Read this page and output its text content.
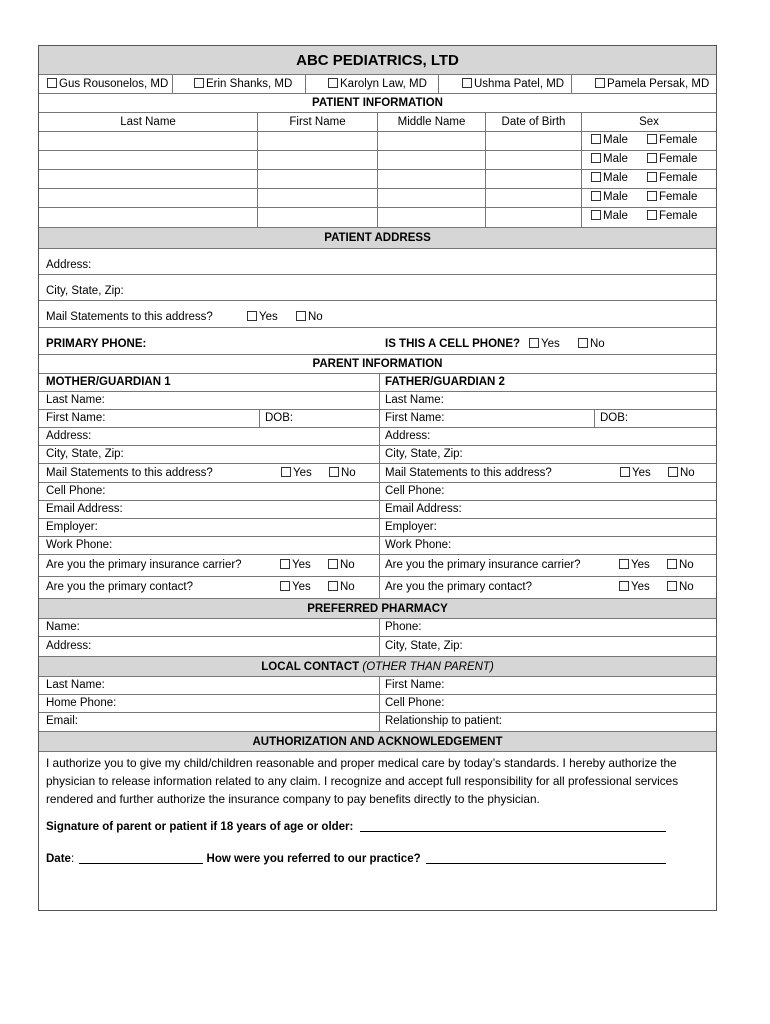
ABC PEDIATRICS, LTD
Gus Rousonelos, MD	Erin Shanks, MD	Karolyn Law, MD	Ushma Patel, MD	Pamela Persak, MD
PATIENT INFORMATION
Last Name	First Name	Middle Name	Date of Birth	Sex
Male	Female
Male	Female
Male	Female
Male	Female
Male	Female
PATIENT ADDRESS
Address:
City, State, Zip:
Mail Statements to this address?	Yes	No
PRIMARY PHONE:	IS THIS A CELL PHONE?	Yes	No
PARENT INFORMATION
MOTHER/GUARDIAN 1	FATHER/GUARDIAN 2
Last Name:	Last Name:
First Name:	DOB:	First Name:	DOB:
Address:	Address:
City, State, Zip:	City, State, Zip:
Mail Statements to this address?	Yes	No	Mail Statements to this address?	Yes	No
Cell Phone:	Cell Phone:
Email Address:	Email Address:
Employer:	Employer:
Work Phone:	Work Phone:
Are you the primary insurance carrier?	Yes	No	Are you the primary insurance carrier?	Yes	No
Are you the primary contact?	Yes	No	Are you the primary contact?	Yes	No
PREFERRED PHARMACY
Name:	Phone:
Address:	City, State, Zip:
LOCAL CONTACT (OTHER THAN PARENT)
Last Name:	First Name:
Home Phone:	Cell Phone:
Email:	Relationship to patient:
AUTHORIZATION AND ACKNOWLEDGEMENT
I authorize you to give my child/children reasonable and proper medical care by today’s standards. I hereby authorize the physician to release information related to any claim. I recognize and accept full responsibility for all professional services rendered and further authorize the insurance company to pay benefits directly to the physician.
Signature of parent or patient if 18 years of age or older:
Date:	How were you referred to our practice?
